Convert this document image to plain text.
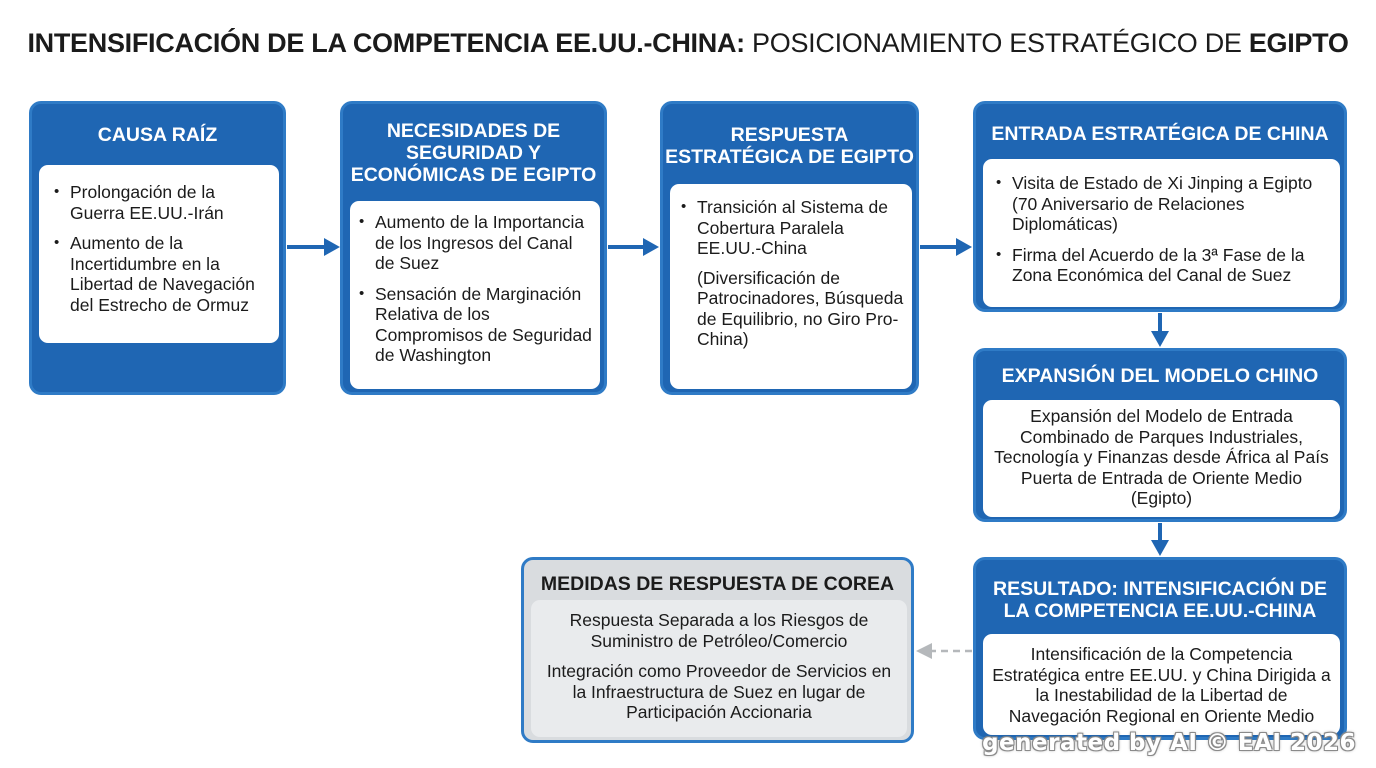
INTENSIFICACIÓN DE LA COMPETENCIA EE.UU.-CHINA: POSICIONAMIENTO ESTRATÉGICO DE EGIPTO
CAUSA RAÍZ
• Prolongación de la Guerra EE.UU.-Irán
• Aumento de la Incertidumbre en la Libertad de Navegación del Estrecho de Ormuz
NECESIDADES DE
SEGURIDAD Y
ECONÓMICAS DE EGIPTO
• Aumento de la Importancia de los Ingresos del Canal de Suez
• Sensación de Marginación Relativa de los Compromisos de Seguridad de Washington
RESPUESTA
ESTRATÉGICA DE EGIPTO
• Transición al Sistema de Cobertura Paralela EE.UU.-China

(Diversificación de Patrocinadores, Búsqueda de Equilibrio, no Giro Pro-China)

ENTRADA ESTRATÉGICA DE CHINA
• Visita de Estado de Xi Jinping a Egipto (70 Aniversario de Relaciones Diplomáticas)
• Firma del Acuerdo de la 3ª Fase de la Zona Económica del Canal de Suez
EXPANSIÓN DEL MODELO CHINO

Expansión del Modelo de Entrada Combinado de Parques Industriales, Tecnología y Finanzas desde África al País Puerta de Entrada de Oriente Medio (Egipto)

RESULTADO: INTENSIFICACIÓN DE
LA COMPETENCIA EE.UU.-CHINA

Intensificación de la Competencia Estratégica entre EE.UU. y China Dirigida a la Inestabilidad de la Libertad de Navegación Regional en Oriente Medio

MEDIDAS DE RESPUESTA DE COREA

Respuesta Separada a los Riesgos de Suministro de Petróleo/Comercio

Integración como Proveedor de Servicios en la Infraestructura de Suez en lugar de Participación Accionaria

generated by AI © EAI 2026
